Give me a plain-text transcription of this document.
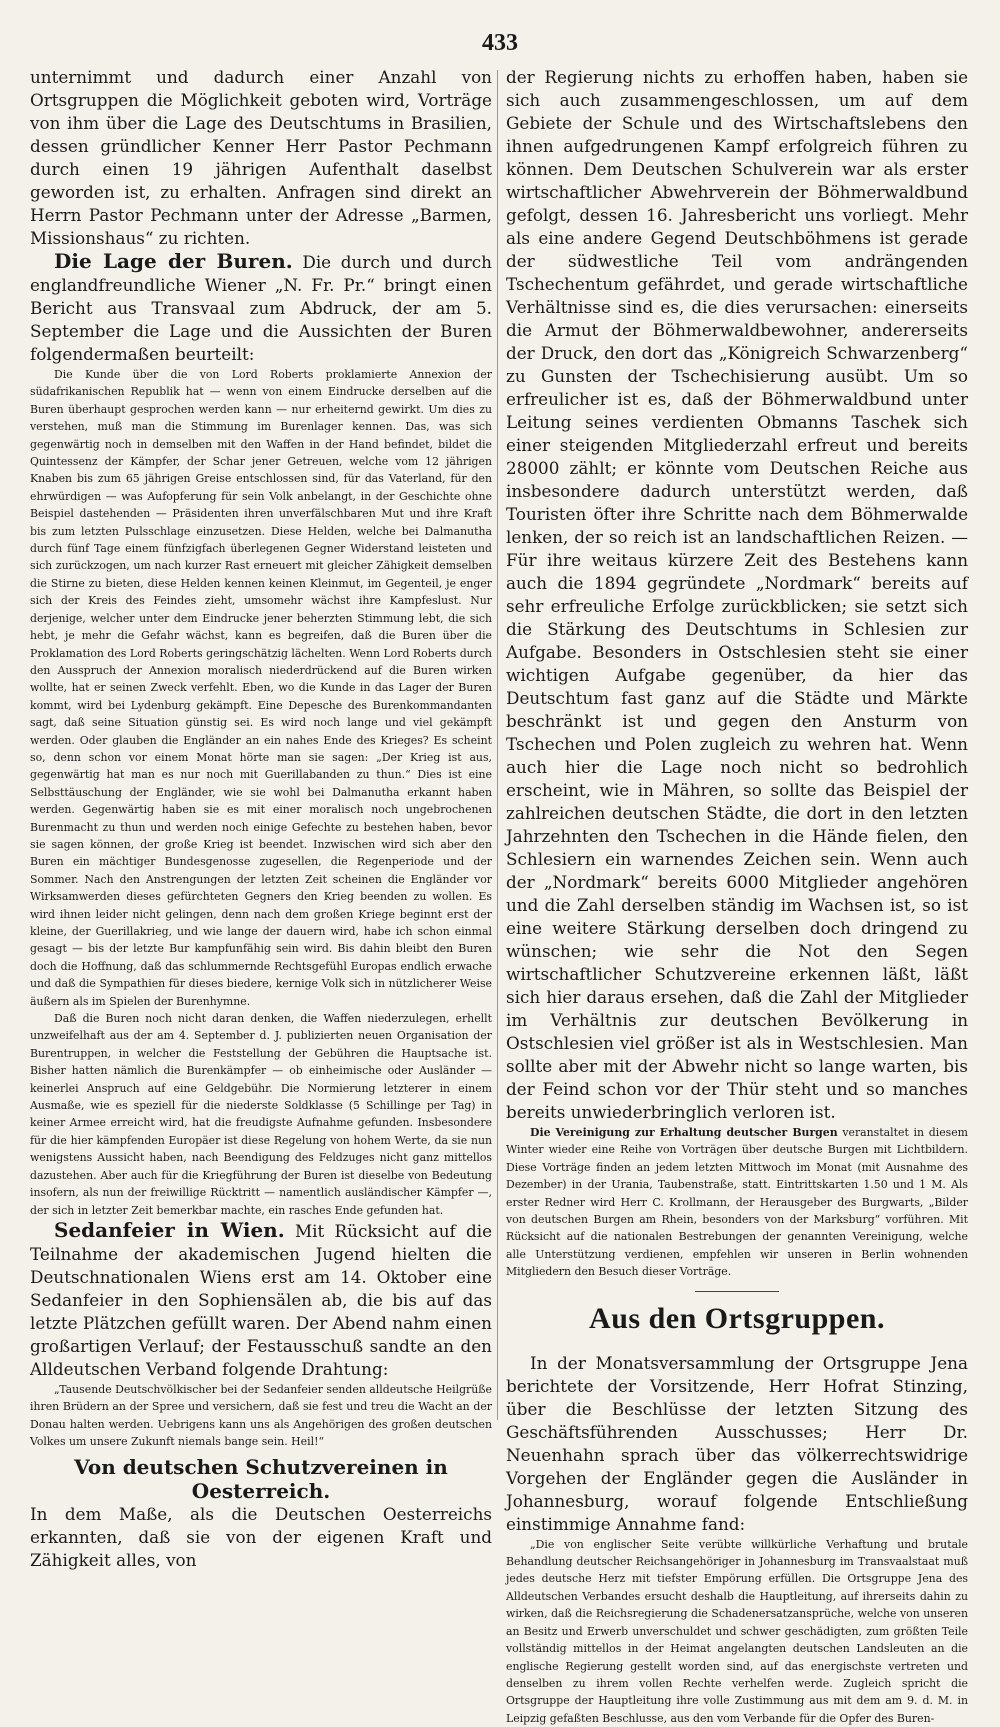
433

unternimmt und dadurch einer Anzahl von Ortsgruppen die Möglichkeit geboten wird, Vorträge von ihm über die Lage des Deutschtums in Brasilien, dessen gründlicher Kenner Herr Pastor Pechmann durch einen 19 jährigen Aufenthalt daselbst geworden ist, zu erhalten. Anfragen sind direkt an Herrn Pastor Pechmann unter der Adresse „Barmen, Missionshaus“ zu richten.

Die Lage der Buren. Die durch und durch englandfreundliche Wiener „N. Fr. Pr.“ bringt einen Bericht aus Transvaal zum Abdruck, der am 5. September die Lage und die Aussichten der Buren folgendermaßen beurteilt:

Die Kunde über die von Lord Roberts proklamierte Annexion der südafrikanischen Republik hat — wenn von einem Eindrucke derselben auf die Buren überhaupt gesprochen werden kann — nur erheiternd gewirkt. Um dies zu verstehen, muß man die Stimmung im Burenlager kennen. Das, was sich gegenwärtig noch in demselben mit den Waffen in der Hand befindet, bildet die Quintessenz der Kämpfer, der Schar jener Getreuen, welche vom 12 jährigen Knaben bis zum 65 jährigen Greise entschlossen sind, für das Vaterland, für den ehrwürdigen — was Aufopferung für sein Volk anbelangt, in der Geschichte ohne Beispiel dastehenden — Präsidenten ihren unverfälschbaren Mut und ihre Kraft bis zum letzten Pulsschlage einzusetzen. Diese Helden, welche bei Dalmanutha durch fünf Tage einem fünfzigfach überlegenen Gegner Widerstand leisteten und sich zurückzogen, um nach kurzer Rast erneuert mit gleicher Zähigkeit demselben die Stirne zu bieten, diese Helden kennen keinen Kleinmut, im Gegenteil, je enger sich der Kreis des Feindes zieht, umsomehr wächst ihre Kampfeslust. Nur derjenige, welcher unter dem Eindrucke jener beherzten Stimmung lebt, die sich hebt, je mehr die Gefahr wächst, kann es begreifen, daß die Buren über die Proklamation des Lord Roberts geringschätzig lächelten. Wenn Lord Roberts durch den Ausspruch der Annexion moralisch niederdrückend auf die Buren wirken wollte, hat er seinen Zweck verfehlt. Eben, wo die Kunde in das Lager der Buren kommt, wird bei Lydenburg gekämpft. Eine Depesche des Burenkommandanten sagt, daß seine Situation günstig sei. Es wird noch lange und viel gekämpft werden. Oder glauben die Engländer an ein nahes Ende des Krieges? Es scheint so, denn schon vor einem Monat hörte man sie sagen: „Der Krieg ist aus, gegenwärtig hat man es nur noch mit Guerillabanden zu thun.“ Dies ist eine Selbsttäuschung der Engländer, wie sie wohl bei Dalmanutha erkannt haben werden. Gegenwärtig haben sie es mit einer moralisch noch ungebrochenen Burenmacht zu thun und werden noch einige Gefechte zu bestehen haben, bevor sie sagen können, der große Krieg ist beendet. Inzwischen wird sich aber den Buren ein mächtiger Bundesgenosse zugesellen, die Regenperiode und der Sommer. Nach den Anstrengungen der letzten Zeit scheinen die Engländer vor Wirksamwerden dieses gefürchteten Gegners den Krieg beenden zu wollen. Es wird ihnen leider nicht gelingen, denn nach dem großen Kriege beginnt erst der kleine, der Guerillakrieg, und wie lange der dauern wird, habe ich schon einmal gesagt — bis der letzte Bur kampfunfähig sein wird. Bis dahin bleibt den Buren doch die Hoffnung, daß das schlummernde Rechtsgefühl Europas endlich erwache und daß die Sympathien für dieses biedere, kernige Volk sich in nützlicherer Weise äußern als im Spielen der Burenhymne.

Daß die Buren noch nicht daran denken, die Waffen niederzulegen, erhellt unzweifelhaft aus der am 4. September d. J. publizierten neuen Organisation der Burentruppen, in welcher die Feststellung der Gebühren die Hauptsache ist. Bisher hatten nämlich die Burenkämpfer — ob einheimische oder Ausländer — keinerlei Anspruch auf eine Geldgebühr. Die Normierung letzterer in einem Ausmaße, wie es speziell für die niederste Soldklasse (5 Schillinge per Tag) in keiner Armee erreicht wird, hat die freudigste Aufnahme gefunden. Insbesondere für die hier kämpfenden Europäer ist diese Regelung von hohem Werte, da sie nun wenigstens Aussicht haben, nach Beendigung des Feldzuges nicht ganz mittellos dazustehen. Aber auch für die Kriegführung der Buren ist dieselbe von Bedeutung insofern, als nun der freiwillige Rücktritt — namentlich ausländischer Kämpfer —, der sich in letzter Zeit bemerkbar machte, ein rasches Ende gefunden hat.

Sedanfeier in Wien. Mit Rücksicht auf die Teilnahme der akademischen Jugend hielten die Deutschnationalen Wiens erst am 14. Oktober eine Sedanfeier in den Sophiensälen ab, die bis auf das letzte Plätzchen gefüllt waren. Der Abend nahm einen großartigen Verlauf; der Festausschuß sandte an den Alldeutschen Verband folgende Drahtung:

„Tausende Deutschvölkischer bei der Sedanfeier senden alldeutsche Heilgrüße ihren Brüdern an der Spree und versichern, daß sie fest und treu die Wacht an der Donau halten werden. Uebrigens kann uns als Angehörigen des großen deutschen Volkes um unsere Zukunft niemals bange sein. Heil!“

Von deutschen Schutzvereinen in Oesterreich.

In dem Maße, als die Deutschen Oesterreichs erkannten, daß sie von der eigenen Kraft und Zähigkeit alles, von

der Regierung nichts zu erhoffen haben, haben sie sich auch zusammengeschlossen, um auf dem Gebiete der Schule und des Wirtschaftslebens den ihnen aufgedrungenen Kampf erfolgreich führen zu können. Dem Deutschen Schulverein war als erster wirtschaftlicher Abwehrverein der Böhmerwaldbund gefolgt, dessen 16. Jahresbericht uns vorliegt. Mehr als eine andere Gegend Deutschböhmens ist gerade der südwestliche Teil vom andrängenden Tschechentum gefährdet, und gerade wirtschaftliche Verhältnisse sind es, die dies verursachen: einerseits die Armut der Böhmerwaldbewohner, andererseits der Druck, den dort das „Königreich Schwarzenberg“ zu Gunsten der Tschechisierung ausübt. Um so erfreulicher ist es, daß der Böhmerwaldbund unter Leitung seines verdienten Obmanns Taschek sich einer steigenden Mitgliederzahl erfreut und bereits 28000 zählt; er könnte vom Deutschen Reiche aus insbesondere dadurch unterstützt werden, daß Touristen öfter ihre Schritte nach dem Böhmerwalde lenken, der so reich ist an landschaftlichen Reizen. — Für ihre weitaus kürzere Zeit des Bestehens kann auch die 1894 gegründete „Nordmark“ bereits auf sehr erfreuliche Erfolge zurückblicken; sie setzt sich die Stärkung des Deutschtums in Schlesien zur Aufgabe. Besonders in Ostschlesien steht sie einer wichtigen Aufgabe gegenüber, da hier das Deutschtum fast ganz auf die Städte und Märkte beschränkt ist und gegen den Ansturm von Tschechen und Polen zugleich zu wehren hat. Wenn auch hier die Lage noch nicht so bedrohlich erscheint, wie in Mähren, so sollte das Beispiel der zahlreichen deutschen Städte, die dort in den letzten Jahrzehnten den Tschechen in die Hände fielen, den Schlesiern ein warnendes Zeichen sein. Wenn auch der „Nordmark“ bereits 6000 Mitglieder angehören und die Zahl derselben ständig im Wachsen ist, so ist eine weitere Stärkung derselben doch dringend zu wünschen; wie sehr die Not den Segen wirtschaftlicher Schutzvereine erkennen läßt, läßt sich hier daraus ersehen, daß die Zahl der Mitglieder im Verhältnis zur deutschen Bevölkerung in Ostschlesien viel größer ist als in Westschlesien. Man sollte aber mit der Abwehr nicht so lange warten, bis der Feind schon vor der Thür steht und so manches bereits unwiederbringlich verloren ist.

Die Vereinigung zur Erhaltung deutscher Burgen veranstaltet in diesem Winter wieder eine Reihe von Vorträgen über deutsche Burgen mit Lichtbildern. Diese Vorträge finden an jedem letzten Mittwoch im Monat (mit Ausnahme des Dezember) in der Urania, Taubenstraße, statt. Eintrittskarten 1.50 und 1 M. Als erster Redner wird Herr C. Krollmann, der Herausgeber des Burgwarts, „Bilder von deutschen Burgen am Rhein, besonders von der Marksburg“ vorführen. Mit Rücksicht auf die nationalen Bestrebungen der genannten Vereinigung, welche alle Unterstützung verdienen, empfehlen wir unseren in Berlin wohnenden Mitgliedern den Besuch dieser Vorträge.

Aus den Ortsgruppen.

In der Monatsversammlung der Ortsgruppe Jena berichtete der Vorsitzende, Herr Hofrat Stinzing, über die Beschlüsse der letzten Sitzung des Geschäftsführenden Ausschusses; Herr Dr. Neuenhahn sprach über das völkerrechtswidrige Vorgehen der Engländer gegen die Ausländer in Johannesburg, worauf folgende Entschließung einstimmige Annahme fand:

„Die von englischer Seite verübte willkürliche Verhaftung und brutale Behandlung deutscher Reichsangehöriger in Johannesburg im Transvaalstaat muß jedes deutsche Herz mit tiefster Empörung erfüllen. Die Ortsgruppe Jena des Alldeutschen Verbandes ersucht deshalb die Hauptleitung, auf ihrerseits dahin zu wirken, daß die Reichsregierung die Schadenersatzansprüche, welche von unseren an Besitz und Erwerb unverschuldet und schwer geschädigten, zum größten Teile vollständig mittellos in der Heimat angelangten deutschen Landsleuten an die englische Regierung gestellt worden sind, auf das energischste vertreten und denselben zu ihrem vollen Rechte verhelfen werde. Zugleich spricht die Ortsgruppe der Hauptleitung ihre volle Zustimmung aus mit dem am 9. d. M. in Leipzig gefaßten Beschlusse, aus den vom Verbande für die Opfer des Buren-
